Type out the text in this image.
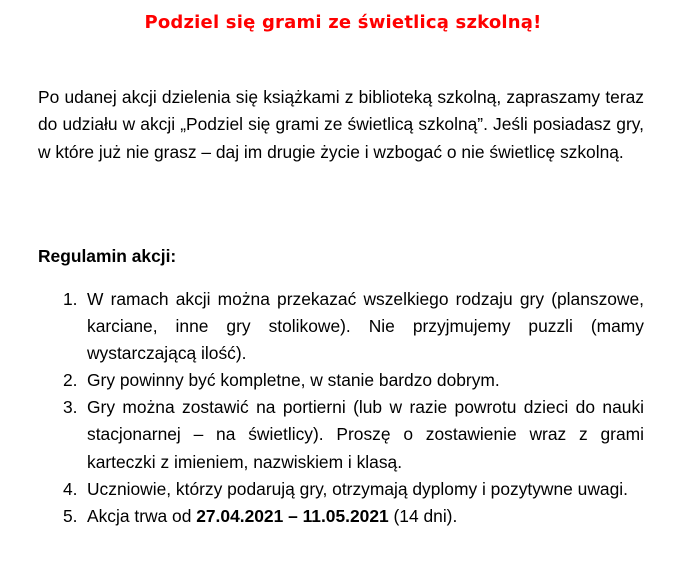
Podziel się grami ze świetlicą szkolną!

Po udanej akcji dzielenia się książkami z biblioteką szkolną, zapraszamy teraz do udziału w akcji „Podziel się grami ze świetlicą szkolną”. Jeśli posiadasz gry, w które już nie grasz – daj im drugie życie i wzbogać o nie świetlicę szkolną.

Regulamin akcji:

1. W ramach akcji można przekazać wszelkiego rodzaju gry (planszowe, karciane, inne gry stolikowe). Nie przyjmujemy puzzli (mamy wystarczającą ilość).
2. Gry powinny być kompletne, w stanie bardzo dobrym.
3. Gry można zostawić na portierni (lub w razie powrotu dzieci do nauki stacjonarnej – na świetlicy). Proszę o zostawienie wraz z grami karteczki z imieniem, nazwiskiem i klasą.
4. Uczniowie, którzy podarują gry, otrzymają dyplomy i pozytywne uwagi.
5. Akcja trwa od 27.04.2021 – 11.05.2021 (14 dni).
